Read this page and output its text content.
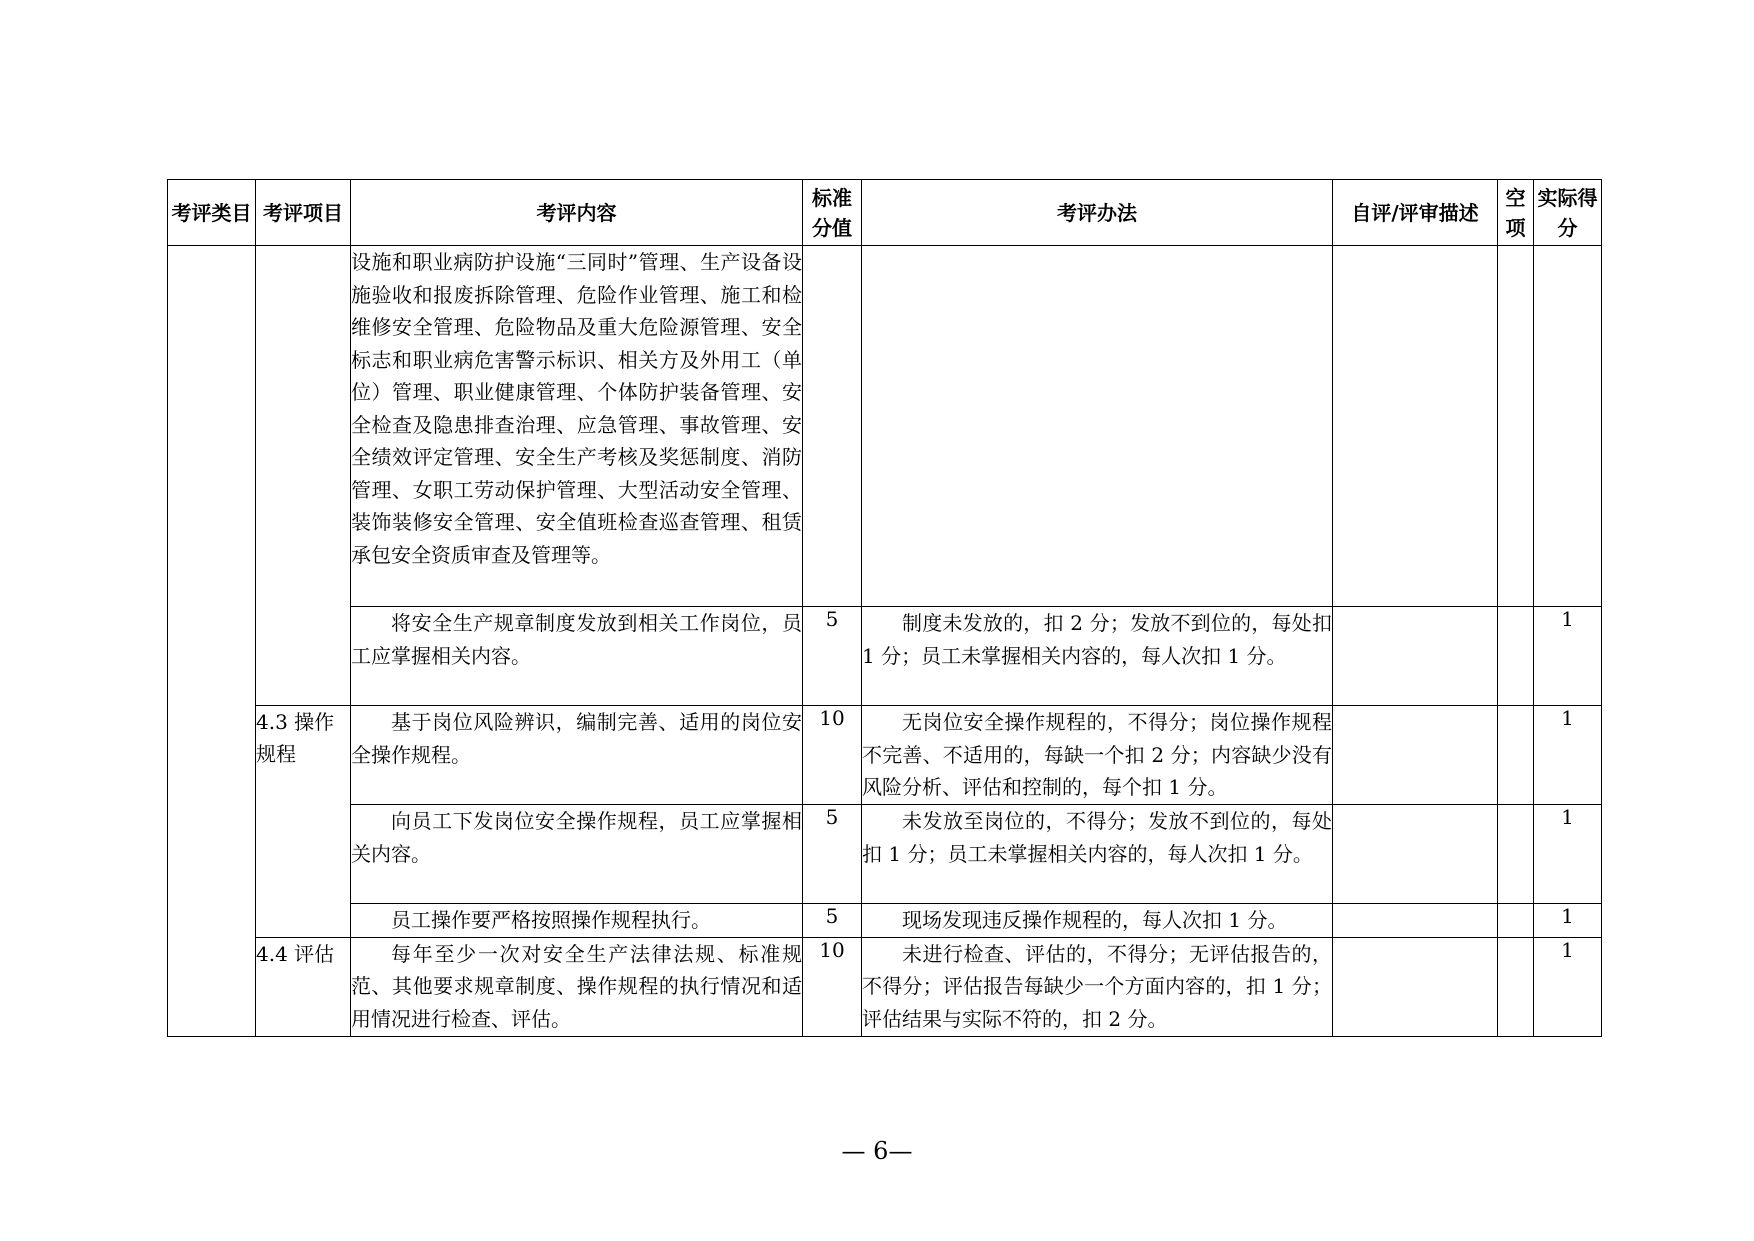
考评类目	考评项目	考评内容	标准分值	考评办法	自评/评审描述	空项	实际得分
		设施和职业病防护设施“三同时”管理、生产设备设施验收和报废拆除管理、危险作业管理、施工和检维修安全管理、危险物品及重大危险源管理、安全标志和职业病危害警示标识、相关方及外用工（单位）管理、职业健康管理、个体防护装备管理、安全检查及隐患排查治理、应急管理、事故管理、安全绩效评定管理、安全生产考核及奖惩制度、消防管理、女职工劳动保护管理、大型活动安全管理、装饰装修安全管理、安全值班检查巡查管理、租赁承包安全资质审查及管理等。					

		将安全生产规章制度发放到相关工作岗位，员工应掌握相关内容。	5	制度未发放的，扣 2 分；发放不到位的，每处扣 1 分；员工未掌握相关内容的，每人次扣 1 分。			1
	4.3 操作规程	基于岗位风险辨识，编制完善、适用的岗位安全操作规程。	10	无岗位安全操作规程的，不得分；岗位操作规程不完善、不适用的，每缺一个扣 2 分；内容缺少没有风险分析、评估和控制的，每个扣 1 分。			1

		向员工下发岗位安全操作规程，员工应掌握相关内容。	5	未发放至岗位的，不得分；发放不到位的，每处扣 1 分；员工未掌握相关内容的，每人次扣 1 分。			1

		员工操作要严格按照操作规程执行。	5	现场发现违反操作规程的，每人次扣 1 分。			1
	4.4 评估	每年至少一次对安全生产法律法规、标准规范、其他要求规章制度、操作规程的执行情况和适用情况进行检查、评估。	10	未进行检查、评估的，不得分；无评估报告的，不得分；评估报告每缺少一个方面内容的，扣 1 分；评估结果与实际不符的，扣 2 分。			1
— 6—
